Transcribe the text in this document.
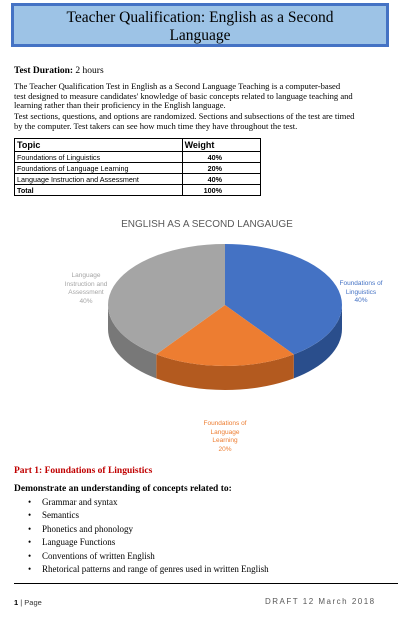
Teacher Qualification: English as a Second
Language
Test Duration: 2 hours
The Teacher Qualification Test in English as a Second Language Teaching is a computer-based
test designed to measure candidates' knowledge of basic concepts related to language teaching and
learning rather than their proficiency in the English language.
Test sections, questions, and options are randomized. Sections and subsections of the test are timed
by the computer. Test takers can see how much time they have throughout the test.
Topic	Weight
Foundations of Linguistics	40%
Foundations of Language Learning	20%
Language Instruction and Assessment	40%
Total	100%
ENGLISH AS A SECOND LANGAUGE
Foundations of
Linguistics
40%
Foundations of
Language
Learning
20%
Language
Instruction and
Assessment
40%
Part 1: Foundations of Linguistics
Demonstrate an understanding of concepts related to:
• Grammar and syntax
• Semantics
• Phonetics and phonology
• Language Functions
• Conventions of written English
• Rhetorical patterns and range of genres used in written English
1 | Page	DRAFT 12 March 2018
